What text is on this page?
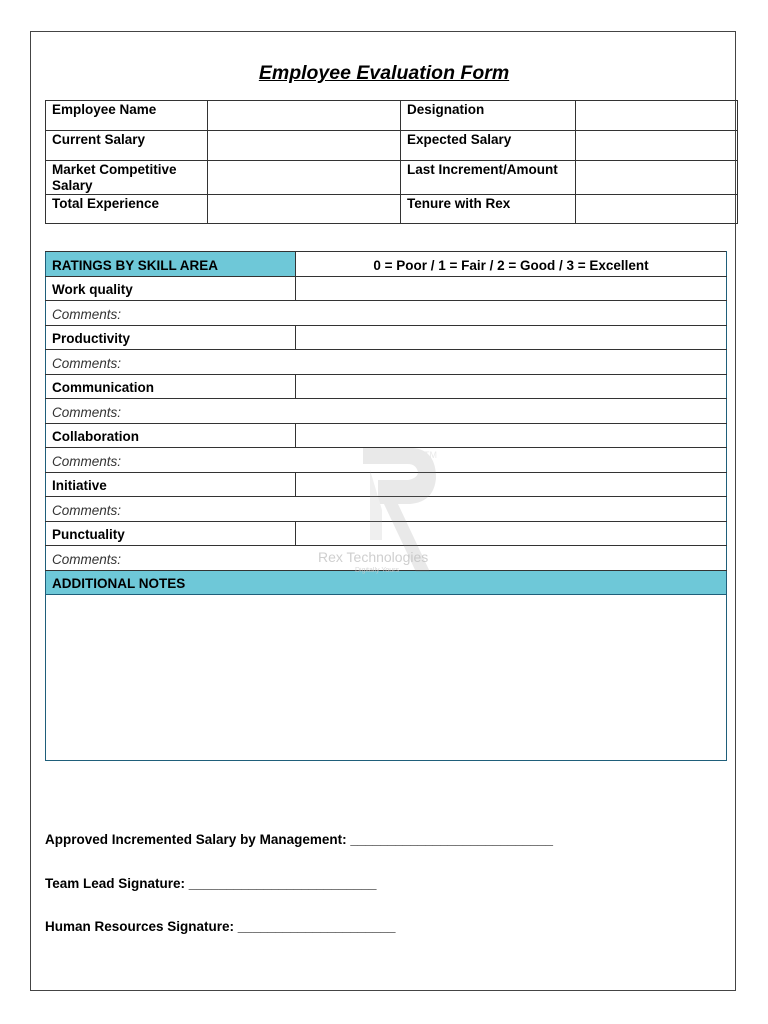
Employee Evaluation Form
Employee Name		Designation	
Current Salary		Expected Salary	
Market Competitive Salary		Last Increment/Amount	
Total Experience		Tenure with Rex	
RATINGS BY SKILL AREA	0 = Poor / 1 = Fair / 2 = Good / 3 = Excellent
Work quality	
Comments:	
Productivity	
Comments:	
Communication	
Comments:	
Collaboration	
Comments:	
Initiative	
Comments:	
Punctuality	
Comments:	
ADDITIONAL NOTES	

TM
Rex Technologies
Digitally Yours
Approved Incremented Salary by Management: ___________________________
Team Lead Signature: _________________________
Human Resources Signature: _____________________
